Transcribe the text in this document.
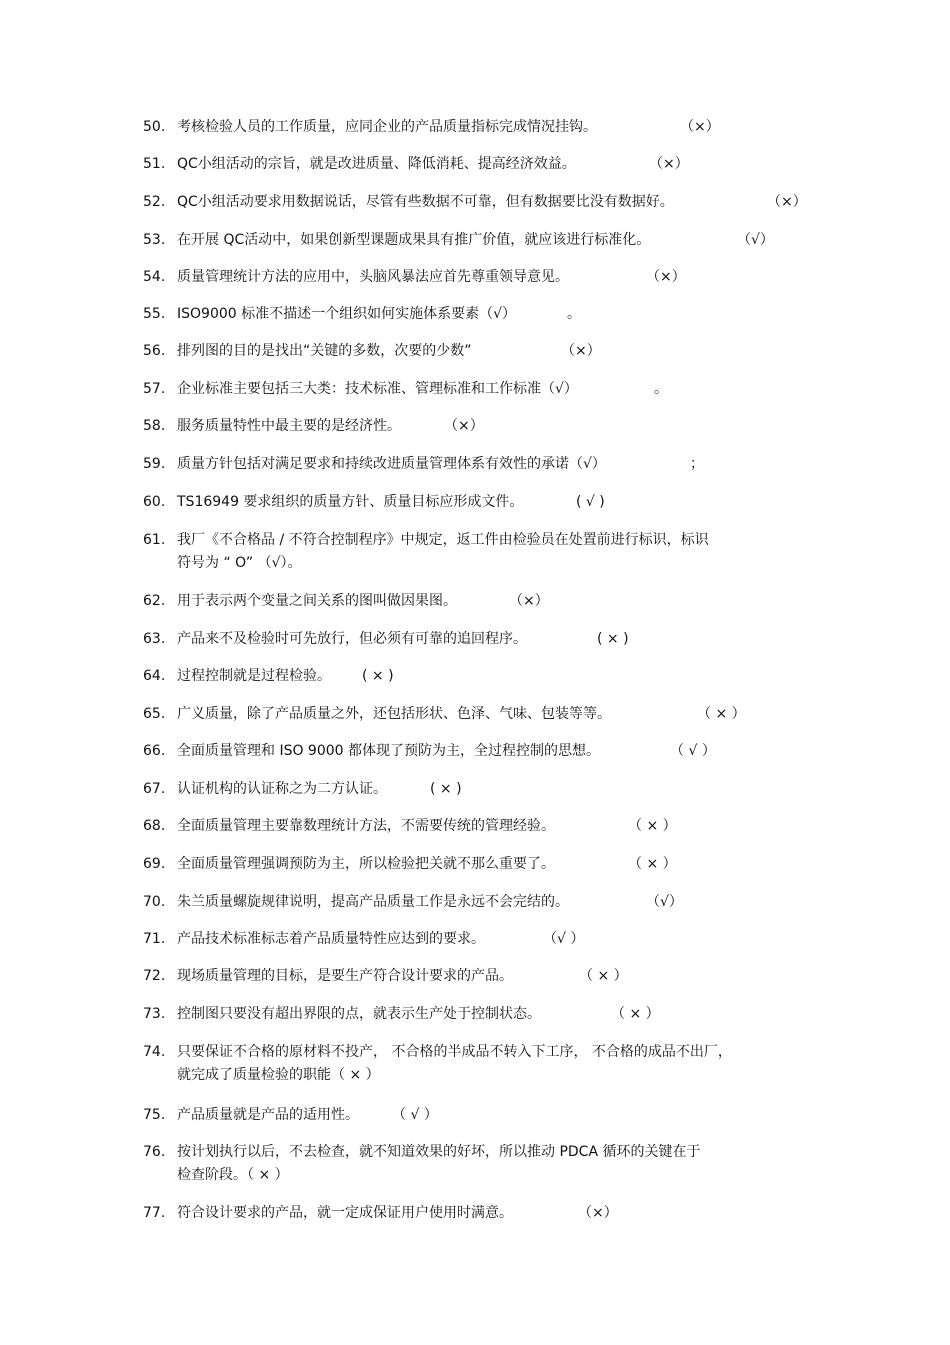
50. 考核检验人员的工作质量，应同企业的产品质量指标完成情况挂钩。	（×）
51. QC小组活动的宗旨，就是改进质量、降低消耗、提高经济效益。	（×）
52. QC小组活动要求用数据说话，尽管有些数据不可靠，但有数据要比没有数据好。	（×）
53. 在开展 QC活动中，如果创新型课题成果具有推广价值，就应该进行标准化。	（√）
54. 质量管理统计方法的应用中，头脑风暴法应首先尊重领导意见。	（×）
55. ISO9000 标准不描述一个组织如何实施体系要素（√）	。
56. 排列图的目的是找出“关键的多数，次要的少数”	（×）
57. 企业标准主要包括三大类：技术标准、管理标准和工作标准（√）	。
58. 服务质量特性中最主要的是经济性。	（×）
59. 质量方针包括对满足要求和持续改进质量管理体系有效性的承诺（√）	；
60. TS16949 要求组织的质量方针、质量目标应形成文件。	( √ )
61. 我厂《不合格品 / 不符合控制程序》中规定，返工件由检验员在处置前进行标识，标识
符号为 “ O” （√）。
62. 用于表示两个变量之间关系的图叫做因果图。	（×）
63. 产品来不及检验时可先放行，但必须有可靠的追回程序。	( × )
64. 过程控制就是过程检验。 ( × )
65. 广义质量，除了产品质量之外，还包括形状、色泽、气味、包装等等。	（ × ）
66. 全面质量管理和 ISO 9000 都体现了预防为主，全过程控制的思想。	（ √ ）
67. 认证机构的认证称之为二方认证。	( × )
68. 全面质量管理主要靠数理统计方法，不需要传统的管理经验。	（ × ）
69. 全面质量管理强调预防为主，所以检验把关就不那么重要了。	（ × ）
70. 朱兰质量螺旋规律说明，提高产品质量工作是永远不会完结的。	（√）
71. 产品技术标准标志着产品质量特性应达到的要求。	（√ ）
72. 现场质量管理的目标，是要生产符合设计要求的产品。	（ × ）
73. 控制图只要没有超出界限的点，就表示生产处于控制状态。	（ × ）
74. 只要保证不合格的原材料不投产， 不合格的半成品不转入下工序， 不合格的成品不出厂，
就完成了质量检验的职能（ × ）
75. 产品质量就是产品的适用性。 （ √ ）
76. 按计划执行以后，不去检查，就不知道效果的好坏，所以推动 PDCA 循环的关键在于
检查阶段。（ × ）
77. 符合设计要求的产品，就一定成保证用户使用时满意。	（×）
